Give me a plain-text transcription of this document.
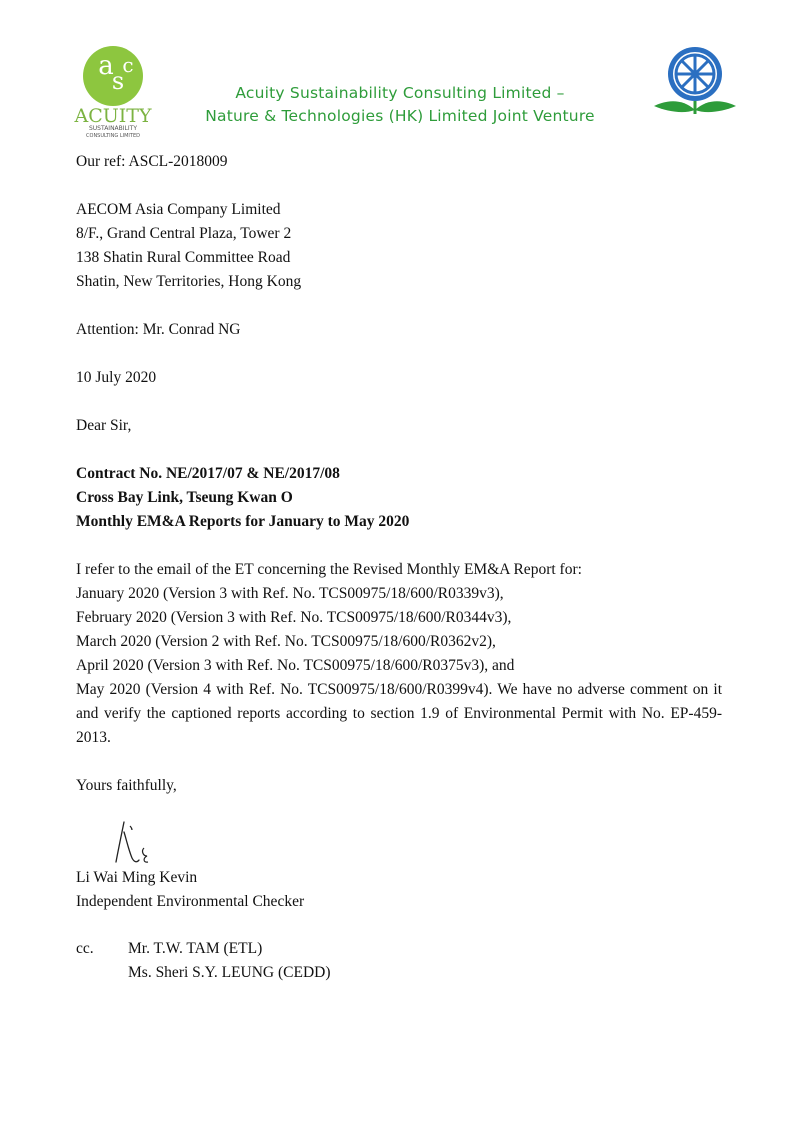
a
s
c
ACUITY
SUSTAINABILITY
CONSULTING LIMITED
Acuity Sustainability Consulting Limited –
Nature & Technologies (HK) Limited Joint Venture
Our ref: ASCL-2018009
AECOM Asia Company Limited
8/F., Grand Central Plaza, Tower 2
138 Shatin Rural Committee Road
Shatin, New Territories, Hong Kong
Attention: Mr. Conrad NG
10 July 2020
Dear Sir,
Contract No. NE/2017/07 & NE/2017/08
Cross Bay Link, Tseung Kwan O
Monthly EM&A Reports for January to May 2020
I refer to the email of the ET concerning the Revised Monthly EM&A Report for:
January 2020 (Version 3 with Ref. No. TCS00975/18/600/R0339v3),
February 2020 (Version 3 with Ref. No. TCS00975/18/600/R0344v3),
March 2020 (Version 2 with Ref. No. TCS00975/18/600/R0362v2),
April 2020 (Version 3 with Ref. No. TCS00975/18/600/R0375v3), and
May 2020 (Version 4 with Ref. No. TCS00975/18/600/R0399v4). We have no adverse comment on it and verify the captioned reports according to section 1.9 of Environmental Permit with No. EP-459-2013.
Yours faithfully,
Li Wai Ming Kevin
Independent Environmental Checker
cc.	Mr. T.W. TAM (ETL)
Ms. Sheri S.Y. LEUNG (CEDD)
